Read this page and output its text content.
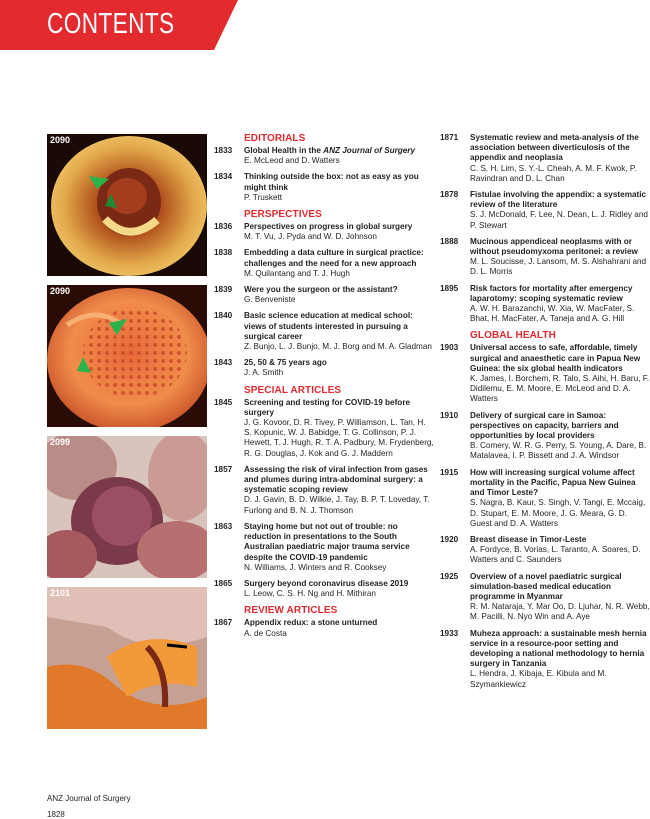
CONTENTS
2090
2090
2099
2101
EDITORIALS
1833 Global Health in the ANZ Journal of Surgery
E. McLeod and D. Watters
1834 Thinking outside the box: not as easy as you might think
P. Truskett
PERSPECTIVES
1836 Perspectives on progress in global surgery
M. T. Vu, J. Pyda and W. D. Johnson
1838 Embedding a data culture in surgical practice: challenges and the need for a new approach
M. Quilantang and T. J. Hugh
1839 Were you the surgeon or the assistant?
G. Benveniste
1840 Basic science education at medical school: views of students interested in pursuing a surgical career
Z. Bunjo, L. J. Bunjo, M. J. Borg and M. A. Gladman
1843 25, 50 & 75 years ago
J. A. Smith
SPECIAL ARTICLES
1845 Screening and testing for COVID-19 before surgery
J. G. Kovoor, D. R. Tivey, P. Williamson, L. Tan, H. S. Kopunic, W. J. Babidge, T. G. Collinson, P. J. Hewett, T. J. Hugh, R. T. A. Padbury, M. Frydenberg, R. G. Douglas, J. Kok and G. J. Maddern
1857 Assessing the risk of viral infection from gases and plumes during intra-abdominal surgery: a systematic scoping review
D. J. Gavin, B. D. Wilkie, J. Tay, B. P. T. Loveday, T. Furlong and B. N. J. Thomson
1863 Staying home but not out of trouble: no reduction in presentations to the South Australian paediatric major trauma service despite the COVID-19 pandemic
N. Williams, J. Winters and R. Cooksey
1865 Surgery beyond coronavirus disease 2019
L. Leow, C. S. H. Ng and H. Mithiran
REVIEW ARTICLES
1867 Appendix redux: a stone unturned
A. de Costa
1871 Systematic review and meta-analysis of the association between diverticulosis of the appendix and neoplasia
C. S. H. Lim, S. Y.-L. Cheah, A. M. F. Kwok, P. Ravindran and D. L. Chan
1878 Fistulae involving the appendix: a systematic review of the literature
S. J. McDonald, F. Lee, N. Dean, L. J. Ridley and P. Stewart
1888 Mucinous appendiceal neoplasms with or without pseudomyxoma peritonei: a review
M. L. Soucisse, J. Lansom, M. S. Alshahrani and D. L. Morris
1895 Risk factors for mortality after emergency laparotomy: scoping systematic review
A. W. H. Barazanchi, W. Xia, W. MacFater, S. Bhat, H. MacFater, A. Taneja and A. G. Hill
GLOBAL HEALTH
1903 Universal access to safe, affordable, timely surgical and anaesthetic care in Papua New Guinea: the six global health indicators
K. James, I. Borchem, R. Talo, S. Aihi, H. Baru, F. Didilemu, E. M. Moore, E. McLeod and D. A. Watters
1910 Delivery of surgical care in Samoa: perspectives on capacity, barriers and opportunities by local providers
B. Comery, W. R. G. Perry, S. Young, A. Dare, B. Matalavea, I. P. Bissett and J. A. Windsor
1915 How will increasing surgical volume affect mortality in the Pacific, Papua New Guinea and Timor Leste?
S. Nagra, B. Kaur, S. Singh, V. Tangi, E. Mccaig, D. Stupart, E. M. Moore, J. G. Meara, G. D. Guest and D. A. Watters
1920 Breast disease in Timor-Leste
A. Fordyce, B. Vorias, L. Taranto, A. Soares, D. Watters and C. Saunders
1925 Overview of a novel paediatric surgical simulation-based medical education programme in Myanmar
R. M. Nataraja, Y. Mar Oo, D. Ljuhar, N. R. Webb, M. Pacilli, N. Nyo Win and A. Aye
1933 Muheza approach: a sustainable mesh hernia service in a resource-poor setting and developing a national methodology to hernia surgery in Tanzania
L. Hendra, J. Kibaja, E. Kibula and M. Szymankiewicz
ANZ Journal of Surgery
1828
